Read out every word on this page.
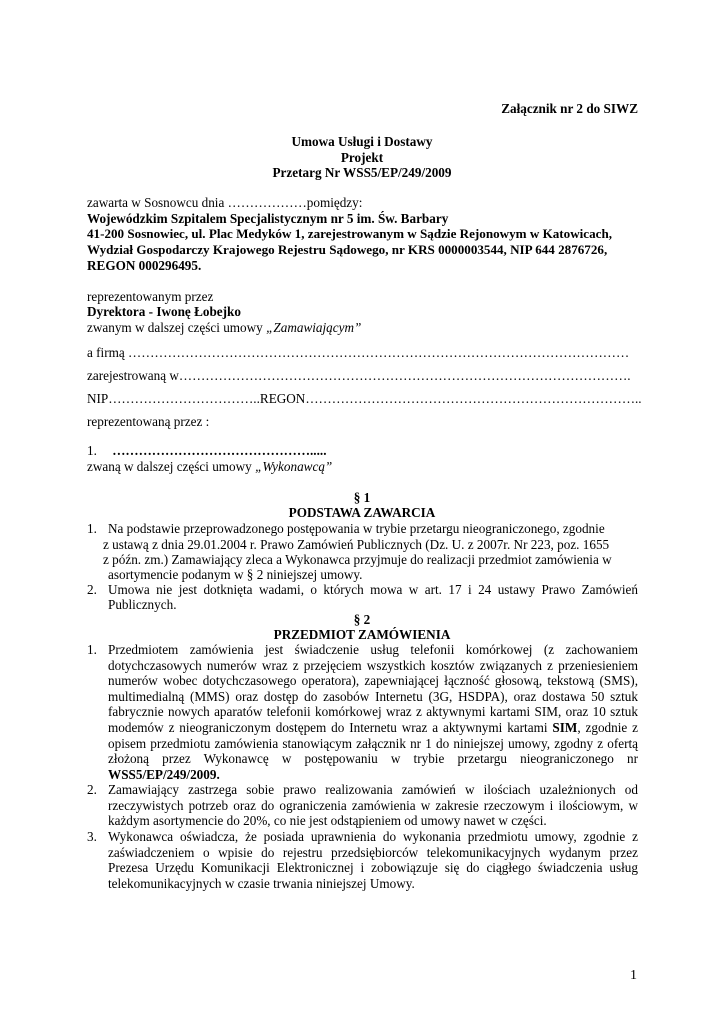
Załącznik nr 2 do SIWZ
Umowa Usługi i Dostawy
Projekt
Przetarg Nr WSS5/EP/249/2009
zawarta w Sosnowcu dnia ………………pomiędzy:
Wojewódzkim Szpitalem Specjalistycznym nr 5 im. Św. Barbary
41-200 Sosnowiec, ul. Plac Medyków 1, zarejestrowanym w Sądzie Rejonowym w Katowicach,
Wydział Gospodarczy Krajowego Rejestru Sądowego, nr KRS 0000003544, NIP 644 2876726,
REGON 000296495.
reprezentowanym przez
Dyrektora - Iwonę Łobejko
zwanym w dalszej części umowy „Zamawiającym”
a firmą ……………………………………………………………………………………………………
zarejestrowaną w………………………………………………………………………………………….
NIP……………………………..REGON…………………………………………………………………..
reprezentowaną przez :
1. ……………………………………….....
zwaną w dalszej części umowy „Wykonawcą”
§ 1
PODSTAWA ZAWARCIA
1. Na podstawie przeprowadzonego postępowania w trybie przetargu nieograniczonego, zgodnie
z ustawą z dnia 29.01.2004 r. Prawo Zamówień Publicznych (Dz. U. z 2007r. Nr 223, poz. 1655
z późn. zm.) Zamawiający zleca a Wykonawca przyjmuje do realizacji przedmiot zamówienia w
asortymencie podanym w § 2 niniejszej umowy.
2. Umowa nie jest dotknięta wadami, o których mowa w art. 17 i 24 ustawy Prawo Zamówień
Publicznych.
§ 2
PRZEDMIOT ZAMÓWIENIA
1. Przedmiotem zamówienia jest świadczenie usług telefonii komórkowej (z zachowaniem dotychczasowych numerów wraz z przejęciem wszystkich kosztów związanych z przeniesieniem numerów wobec dotychczasowego operatora), zapewniającej łączność głosową, tekstową (SMS), multimedialną (MMS) oraz dostęp do zasobów Internetu (3G, HSDPA), oraz dostawa 50 sztuk fabrycznie nowych aparatów telefonii komórkowej wraz z aktywnymi kartami SIM, oraz 10 sztuk modemów z nieograniczonym dostępem do Internetu wraz a aktywnymi kartami SIM, zgodnie z opisem przedmiotu zamówienia stanowiącym załącznik nr 1 do niniejszej umowy, zgodny z ofertą złożoną przez Wykonawcę w postępowaniu w trybie przetargu nieograniczonego nr WSS5/EP/249/2009.
2. Zamawiający zastrzega sobie prawo realizowania zamówień w ilościach uzależnionych od rzeczywistych potrzeb oraz do ograniczenia zamówienia w zakresie rzeczowym i ilościowym, w każdym asortymencie do 20%, co nie jest odstąpieniem od umowy nawet w części.
3. Wykonawca oświadcza, że posiada uprawnienia do wykonania przedmiotu umowy, zgodnie z zaświadczeniem o wpisie do rejestru przedsiębiorców telekomunikacyjnych wydanym przez Prezesa Urzędu Komunikacji Elektronicznej i zobowiązuje się do ciągłego świadczenia usług telekomunikacyjnych w czasie trwania niniejszej Umowy.
1
